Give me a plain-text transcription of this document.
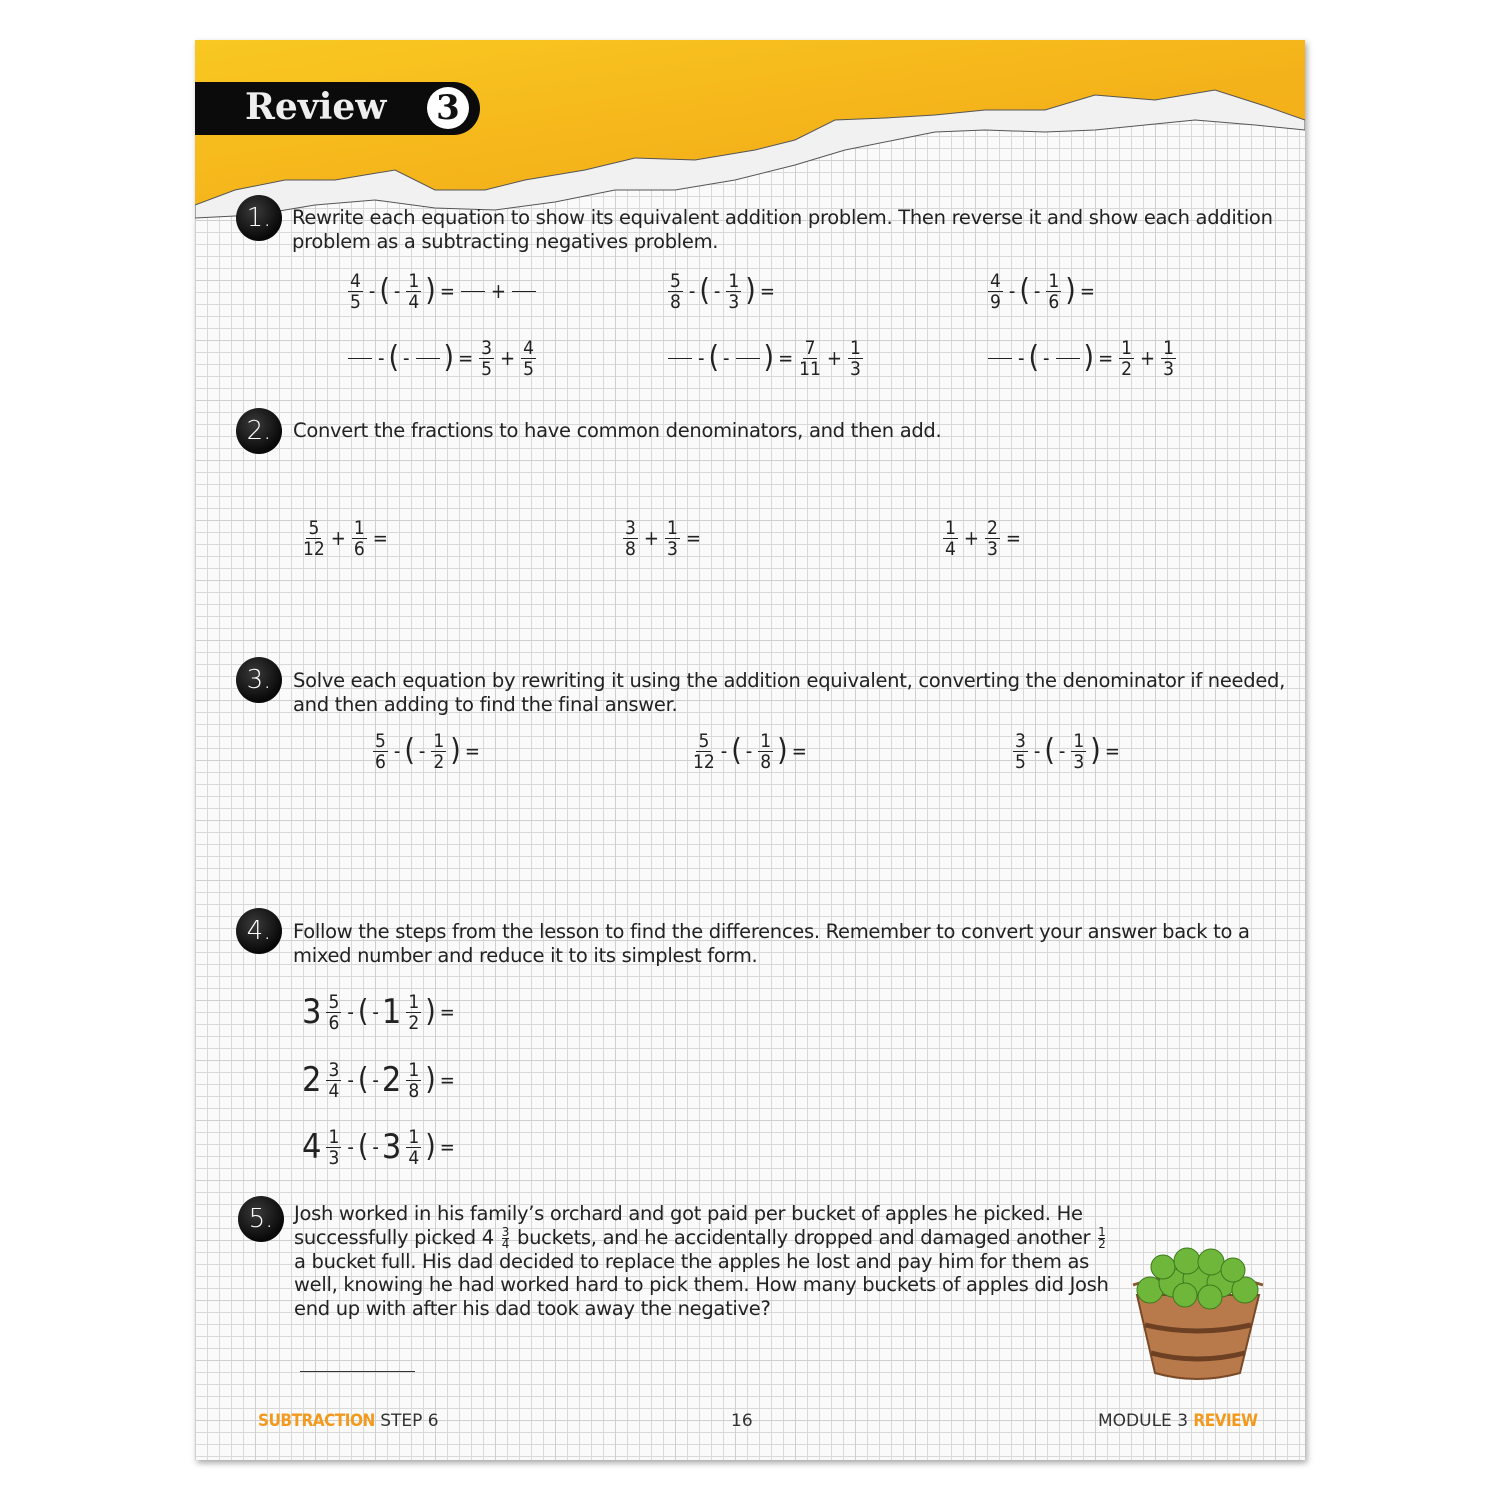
Review 3
1.	Rewrite each equation to show its equivalent addition problem. Then reverse it and show each addition problem as a subtracting negatives problem.
$\frac{4}{5}$ - ( - $\frac{1}{4}$ ) = +	$\frac{5}{8}$ - ( - $\frac{1}{3}$ ) =	$\frac{4}{9}$ - ( - $\frac{1}{6}$ ) =
- ( - ) = $\frac{3}{5} + \frac{4}{5}$	- ( - ) = $\frac{7}{11} + \frac{1}{3}$	- ( - ) = $\frac{1}{2} + \frac{1}{3}$
2.	Convert the fractions to have common denominators, and then add.
$\frac{5}{12} + \frac{1}{6}$ =	$\frac{3}{8} + \frac{1}{3}$ =	$\frac{1}{4} + \frac{2}{3}$ =
3.	Solve each equation by rewriting it using the addition equivalent, converting the denominator if needed, and then adding to find the final answer.
$\frac{5}{6}$ - ( - $\frac{1}{2}$ ) =	$\frac{5}{12}$ - ( - $\frac{1}{8}$ ) =	$\frac{3}{5}$ - ( - $\frac{1}{3}$ ) =
4.	Follow the steps from the lesson to find the differences. Remember to convert your answer back to a mixed number and reduce it to its simplest form.
$3 \frac{5}{6}$ - ( - $1 \frac{1}{2}$ ) =
$2 \frac{3}{4}$ - ( - $2 \frac{1}{8}$ ) =
$4 \frac{1}{3}$ - ( - $3 \frac{1}{4}$ ) =
5.	Josh worked in his family’s orchard and got paid per bucket of apples he picked. He successfully picked $4 \frac{3}{4}$ buckets, and he accidentally dropped and damaged another $\frac{1}{2}$
a bucket full. His dad decided to replace the apples he lost and pay him for them as well, knowing he had worked hard to pick them. How many buckets of apples did Josh end up with after his dad took away the negative?
SUBTRACTION STEP 6	16	MODULE 3 REVIEW
